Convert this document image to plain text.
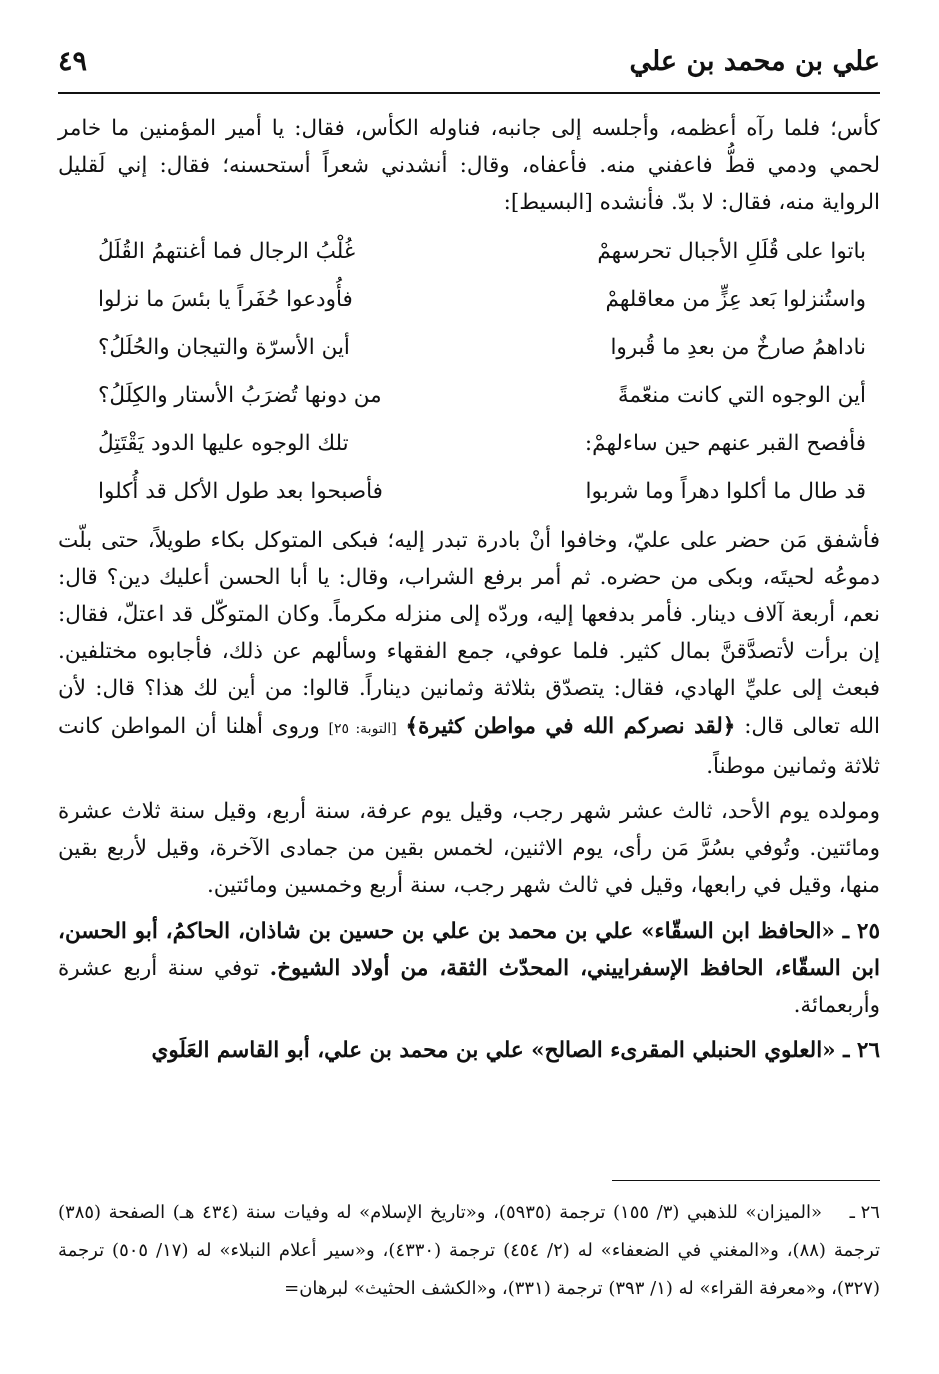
علي بن محمد بن علي
٤٩

كأس؛ فلما رآه أعظمه، وأجلسه إلى جانبه، فناوله الكأس، فقال: يا أمير المؤمنين ما خامر لحمي ودمي قطُّ فاعفني منه. فأعفاه، وقال: أنشدني شعراً أستحسنه؛ فقال: إني لَقليل الرواية منه، فقال: لا بدّ. فأنشده [البسيط]:

باتوا على قُلَلِ الأجبال تحرسهمْ
غُلْبُ الرجال فما أغنتهمُ القُلَلُ
واستُنزلوا بَعد عِزٍّ من معاقلهمْ
فأُودعوا حُفَراً يا بئسَ ما نزلوا
ناداهمُ صارخٌ من بعدِ ما قُبروا
أين الأسرّة والتيجان والحُلَلُ؟
أين الوجوه التي كانت منعّمةً
من دونها تُضرَبُ الأستار والكِلَلُ؟
فأفصح القبر عنهم حين ساءلهمْ:
تلك الوجوه عليها الدود يَقْتَتِلُ
قد طال ما أكلوا دهراً وما شربوا
فأصبحوا بعد طول الأكل قد أُكلوا

فأشفق مَن حضر على عليّ، وخافوا أنْ بادرة تبدر إليه؛ فبكى المتوكل بكاء طويلاً، حتى بلّت دموعُه لحيتَه، وبكى من حضره. ثم أمر برفع الشراب، وقال: يا أبا الحسن أعليك دين؟ قال: نعم، أربعة آلاف دينار. فأمر بدفعها إليه، وردّه إلى منزله مكرماً. وكان المتوكّل قد اعتلّ، فقال: إن برأت لأتصدَّقنَّ بمال كثير. فلما عوفي، جمع الفقهاء وسألهم عن ذلك، فأجابوه مختلفين. فبعث إلى عليِّ الهادي، فقال: يتصدّق بثلاثة وثمانين ديناراً. قالوا: من أين لك هذا؟ قال: لأن الله تعالى قال: ﴿لقد نصركم الله في مواطن كثيرة﴾ [التوبة: ٢٥] وروى أهلنا أن المواطن كانت ثلاثة وثمانين موطناً.

ومولده يوم الأحد، ثالث عشر شهر رجب، وقيل يوم عرفة، سنة أربع، وقيل سنة ثلاث عشرة ومائتين. وتُوفي بسُرَّ مَن رأى، يوم الاثنين، لخمس بقين من جمادى الآخرة، وقيل لأربع بقين منها، وقيل في رابعها، وقيل في ثالث شهر رجب، سنة أربع وخمسين ومائتين.

٢٥ ـ «الحافظ ابن السقّاء» علي بن محمد بن علي بن حسين بن شاذان، الحاكمُ، أبو الحسن، ابن السقّاء، الحافظ الإسفراييني، المحدّث الثقة، من أولاد الشيوخ. توفي سنة أربع عشرة وأربعمائة.

٢٦ ـ «العلوي الحنبلي المقرىء الصالح» علي بن محمد بن علي، أبو القاسم العَلَوي

٢٦ ـ«الميزان» للذهبي (٣/ ١٥٥) ترجمة (٥٩٣٥)، و«تاريخ الإسلام» له وفيات سنة (٤٣٤ هـ) الصفحة (٣٨٥) ترجمة (٨٨)، و«المغني في الضعفاء» له (٢/ ٤٥٤) ترجمة (٤٣٣٠)، و«سير أعلام النبلاء» له (١٧/ ٥٠٥) ترجمة (٣٢٧)، و«معرفة القراء» له (١/ ٣٩٣) ترجمة (٣٣١)، و«الكشف الحثيث» لبرهان=
